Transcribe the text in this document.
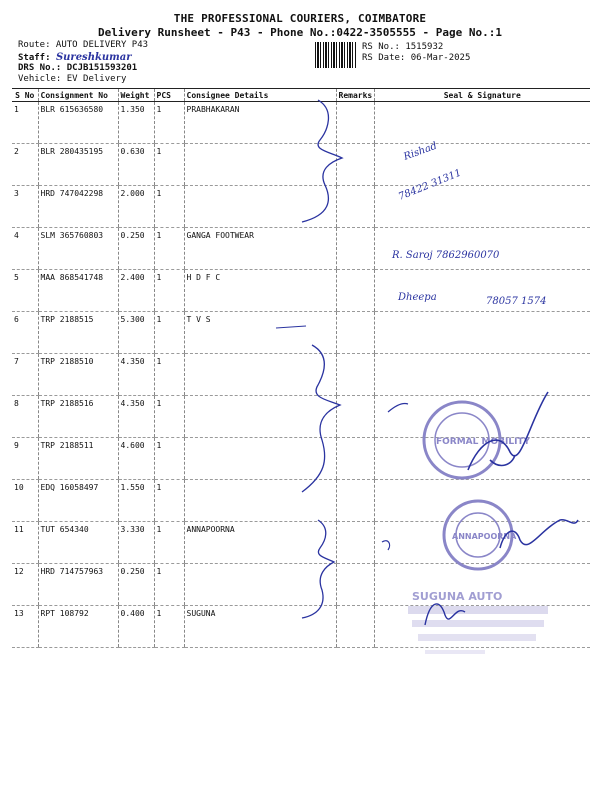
THE PROFESSIONAL COURIERS, COIMBATORE
Delivery Runsheet - P43 - Phone No.:0422-3505555 - Page No.:1
Route: AUTO DELIVERY P43
Staff: Sureshkumar
DRS No.: DCJB151593201
Vehicle: EV Delivery
RS No.: 1515932
RS Date: 06-Mar-2025
S No	Consignment No	Weight	PCS	Consignee Details	Remarks	Seal & Signature
1	BLR 615636580	1.350	1	PRABHAKARAN		
2	BLR 280435195	0.630	1			
3	HRD 747042298	2.000	1			
4	SLM 365760803	0.250	1	GANGA FOOTWEAR		
5	MAA 868541748	2.400	1	H D F C		
6	TRP 2188515	5.300	1	T V S		
7	TRP 2188510	4.350	1			
8	TRP 2188516	4.350	1			
9	TRP 2188511	4.600	1			
10	EDQ 16058497	1.550	1			
11	TUT 654340	3.330	1	ANNAPOORNA		
12	HRD 714757963	0.250	1			
13	RPT 108792	0.400	1	SUGUNA		
Rishad
78422 31311
R. Saroj 7862960070
Dheepa	78057 1574
FORMAL MOBILITY
ANNAPOORNA
SUGUNA AUTO
